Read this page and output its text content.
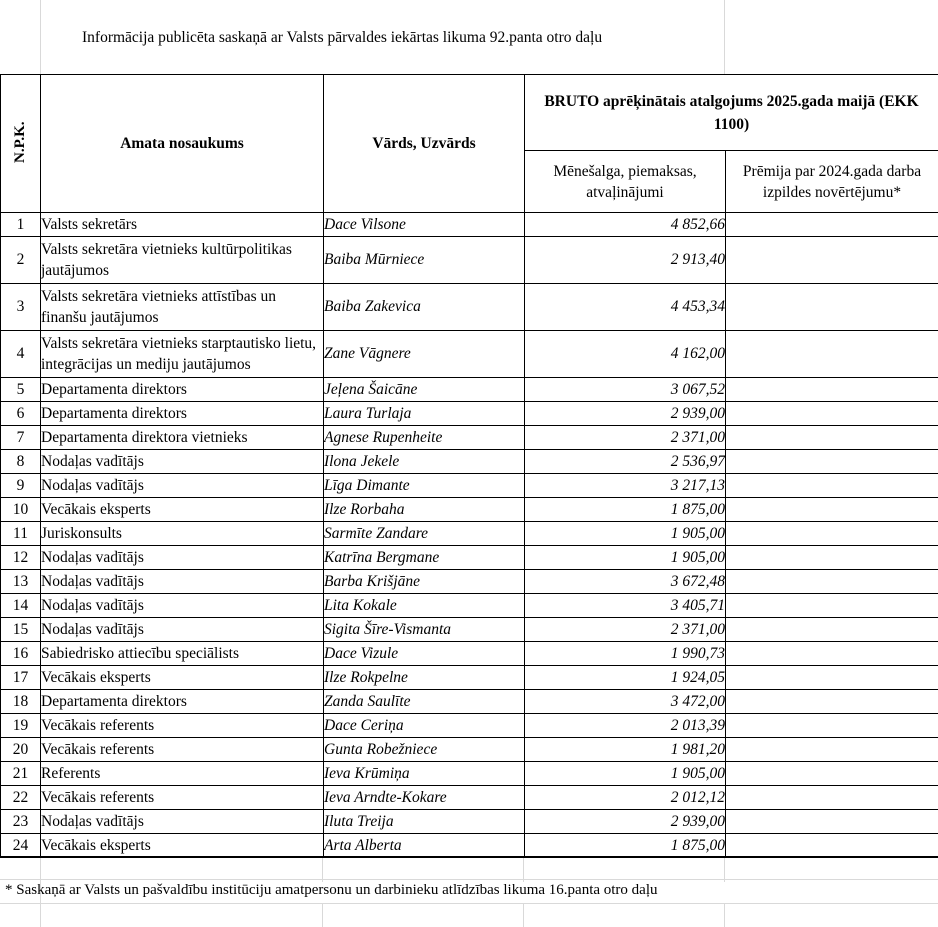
Informācija publicēta saskaņā ar Valsts pārvaldes iekārtas likuma 92.panta otro daļu
N.P.K.	Amata nosaukums	Vārds, Uzvārds	BRUTO aprēķinātais atalgojums 2025.gada maijā (EKK 1100)	
			Mēnešalga, piemaksas, atvaļinājumi	Prēmija par 2024.gada darba izpildes novērtējumu*
1	Valsts sekretārs	Dace Vilsone	4 852,66	
2	Valsts sekretāra vietnieks kultūrpolitikas jautājumos	Baiba Mūrniece	2 913,40	
3	Valsts sekretāra vietnieks attīstības un finanšu jautājumos	Baiba Zakevica	4 453,34	
4	Valsts sekretāra vietnieks starptautisko lietu, integrācijas un mediju jautājumos	Zane Vāgnere	4 162,00	
5	Departamenta direktors	Jeļena Šaicāne	3 067,52	
6	Departamenta direktors	Laura Turlaja	2 939,00	
7	Departamenta direktora vietnieks	Agnese Rupenheite	2 371,00	
8	Nodaļas vadītājs	Ilona Jekele	2 536,97	
9	Nodaļas vadītājs	Līga Dimante	3 217,13	
10	Vecākais eksperts	Ilze Rorbaha	1 875,00	
11	Juriskonsults	Sarmīte Zandare	1 905,00	
12	Nodaļas vadītājs	Katrīna Bergmane	1 905,00	
13	Nodaļas vadītājs	Barba Krišjāne	3 672,48	
14	Nodaļas vadītājs	Lita Kokale	3 405,71	
15	Nodaļas vadītājs	Sigita Šīre-Vismanta	2 371,00	
16	Sabiedrisko attiecību speciālists	Dace Vizule	1 990,73	
17	Vecākais eksperts	Ilze Rokpelne	1 924,05	
18	Departamenta direktors	Zanda Saulīte	3 472,00	
19	Vecākais referents	Dace Ceriņa	2 013,39	
20	Vecākais referents	Gunta Robežniece	1 981,20	
21	Referents	Ieva Krūmiņa	1 905,00	
22	Vecākais referents	Ieva Arndte-Kokare	2 012,12	
23	Nodaļas vadītājs	Iluta Treija	2 939,00	
24	Vecākais eksperts	Arta Alberta	1 875,00	
* Saskaņā ar Valsts un pašvaldību institūciju amatpersonu un darbinieku atlīdzības likuma 16.panta otro daļu
